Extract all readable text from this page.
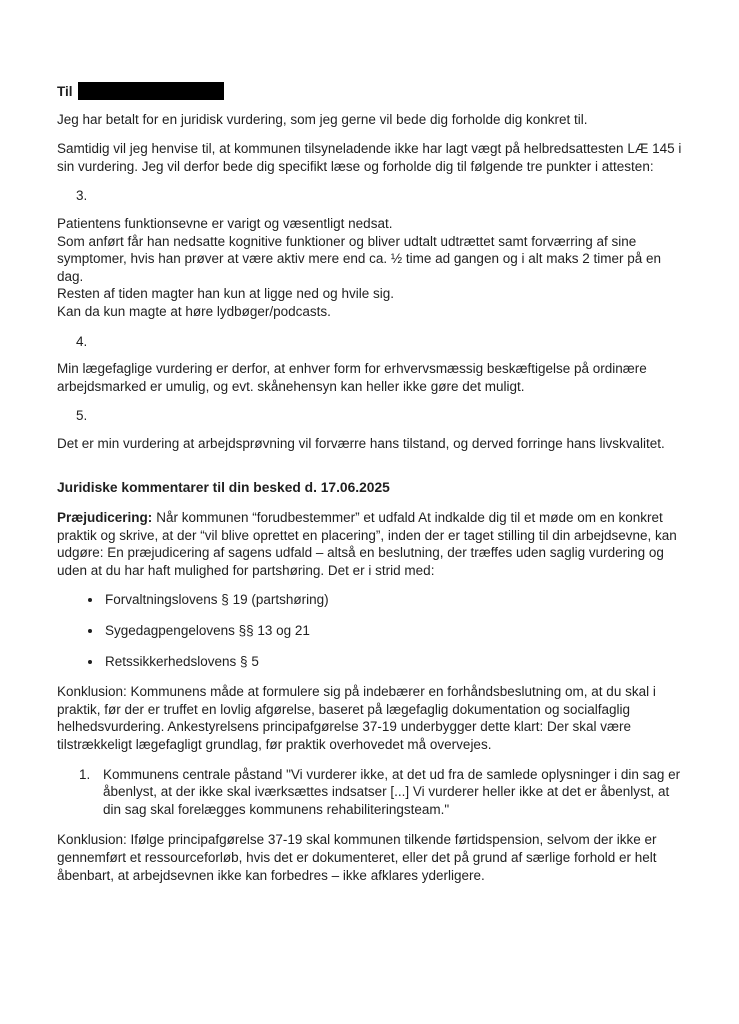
Til

Jeg har betalt for en juridisk vurdering, som jeg gerne vil bede dig forholde dig konkret til.

Samtidig vil jeg henvise til, at kommunen tilsyneladende ikke har lagt vægt på helbredsattesten LÆ 145 i sin vurdering. Jeg vil derfor bede dig specifikt læse og forholde dig til følgende tre punkter i attesten:

3.
Patientens funktionsevne er varigt og væsentligt nedsat.
Som anført får han nedsatte kognitive funktioner og bliver udtalt udtrættet samt forværring af sine symptomer, hvis han prøver at være aktiv mere end ca. ½ time ad gangen og i alt maks 2 timer på en dag.
Resten af tiden magter han kun at ligge ned og hvile sig.
Kan da kun magte at høre lydbøger/podcasts.
4.
Min lægefaglige vurdering er derfor, at enhver form for erhvervsmæssig beskæftigelse på ordinære arbejdsmarked er umulig, og evt. skånehensyn kan heller ikke gøre det muligt.
5.
Det er min vurdering at arbejdsprøvning vil forværre hans tilstand, og derved forringe hans livskvalitet.
Juridiske kommentarer til din besked d. 17.06.2025

Præjudicering: Når kommunen “forudbestemmer” et udfald At indkalde dig til et møde om en konkret praktik og skrive, at der “vil blive oprettet en placering”, inden der er taget stilling til din arbejdsevne, kan udgøre: En præjudicering af sagens udfald – altså en beslutning, der træffes uden saglig vurdering og uden at du har haft mulighed for partshøring. Det er i strid med:

• Forvaltningslovens § 19 (partshøring)
• Sygedagpengelovens §§ 13 og 21
• Retssikkerhedslovens § 5

Konklusion: Kommunens måde at formulere sig på indebærer en forhåndsbeslutning om, at du skal i praktik, før der er truffet en lovlig afgørelse, baseret på lægefaglig dokumentation og socialfaglig helhedsvurdering. Ankestyrelsens principafgørelse 37-19 underbygger dette klart: Der skal være tilstrækkeligt lægefagligt grundlag, før praktik overhovedet må overvejes.

1. Kommunens centrale påstand "Vi vurderer ikke, at det ud fra de samlede oplysninger i din sag er åbenlyst, at der ikke skal iværksættes indsatser [...] Vi vurderer heller ikke at det er åbenlyst, at din sag skal forelægges kommunens rehabiliteringsteam."

Konklusion: Ifølge principafgørelse 37-19 skal kommunen tilkende førtidspension, selvom der ikke er gennemført et ressourceforløb, hvis det er dokumenteret, eller det på grund af særlige forhold er helt åbenbart, at arbejdsevnen ikke kan forbedres – ikke afklares yderligere.
